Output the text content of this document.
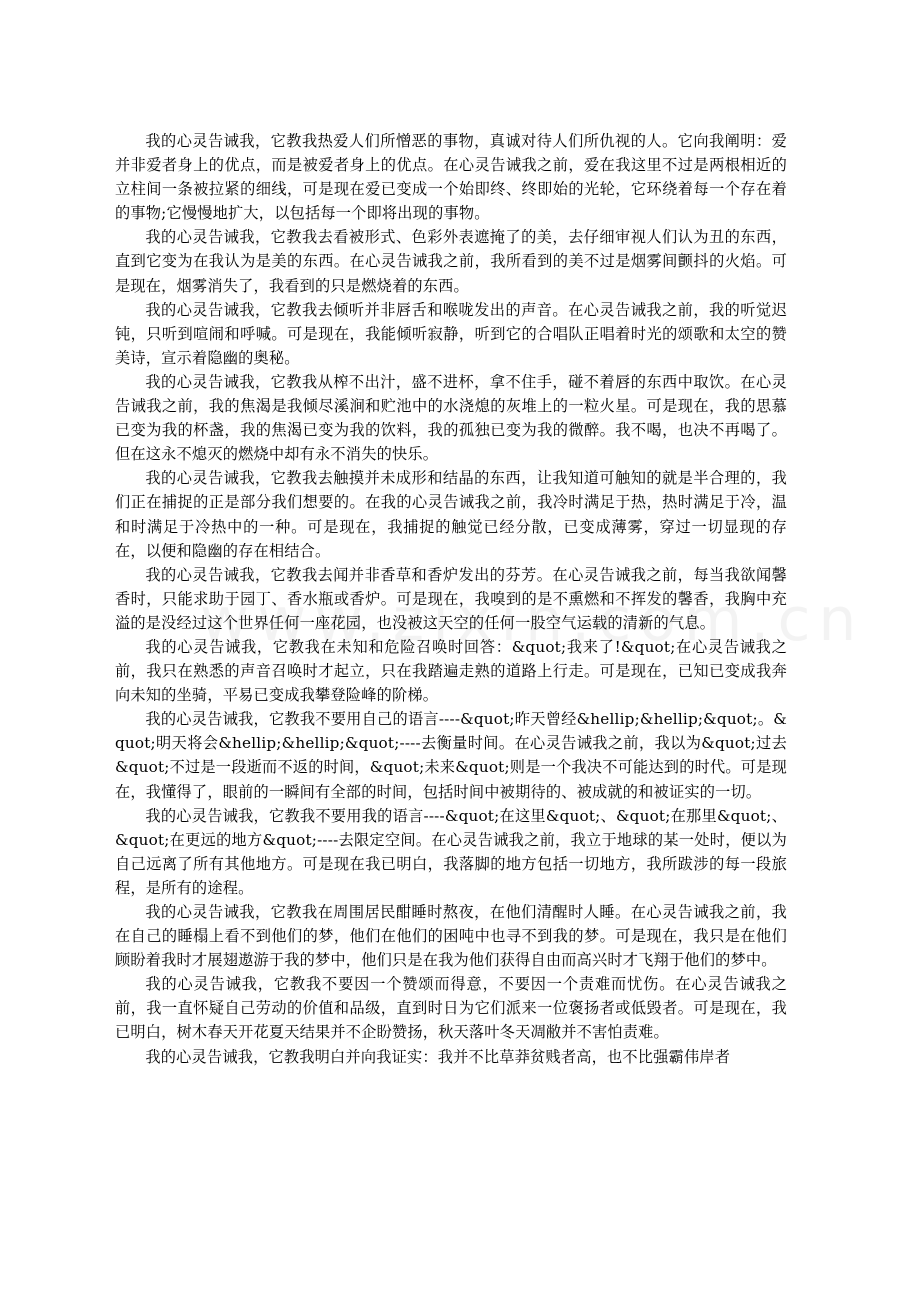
我的心灵告诫我，它教我热爱人们所憎恶的事物，真诚对待人们所仇视的人。它向我阐明：爱并非爱者身上的优点，而是被爱者身上的优点。在心灵告诫我之前，爱在我这里不过是两根相近的立柱间一条被拉紧的细线，可是现在爱已变成一个始即终、终即始的光轮，它环绕着每一个存在着的事物;它慢慢地扩大，以包括每一个即将出现的事物。

我的心灵告诫我，它教我去看被形式、色彩外表遮掩了的美，去仔细审视人们认为丑的东西，直到它变为在我认为是美的东西。在心灵告诫我之前，我所看到的美不过是烟雾间颤抖的火焰。可是现在，烟雾消失了，我看到的只是燃烧着的东西。

我的心灵告诫我，它教我去倾听并非唇舌和喉咙发出的声音。在心灵告诫我之前，我的听觉迟钝，只听到喧闹和呼喊。可是现在，我能倾听寂静，听到它的合唱队正唱着时光的颂歌和太空的赞美诗，宣示着隐幽的奥秘。

我的心灵告诫我，它教我从榨不出汁，盛不进杯，拿不住手，碰不着唇的东西中取饮。在心灵告诫我之前，我的焦渴是我倾尽溪涧和贮池中的水浇熄的灰堆上的一粒火星。可是现在，我的思慕已变为我的杯盏，我的焦渴已变为我的饮料，我的孤独已变为我的微醉。我不喝，也决不再喝了。但在这永不熄灭的燃烧中却有永不消失的快乐。

我的心灵告诫我，它教我去触摸并未成形和结晶的东西，让我知道可触知的就是半合理的，我们正在捕捉的正是部分我们想要的。在我的心灵告诫我之前，我冷时满足于热，热时满足于冷，温和时满足于冷热中的一种。可是现在，我捕捉的触觉已经分散，已变成薄雾，穿过一切显现的存在，以便和隐幽的存在相结合。

我的心灵告诫我，它教我去闻并非香草和香炉发出的芬芳。在心灵告诫我之前，每当我欲闻馨香时，只能求助于园丁、香水瓶或香炉。可是现在，我嗅到的是不熏燃和不挥发的馨香，我胸中充溢的是没经过这个世界任何一座花园，也没被这天空的任何一股空气运载的清新的气息。

我的心灵告诫我，它教我在未知和危险召唤时回答：&quot;我来了!&quot;在心灵告诫我之前，我只在熟悉的声音召唤时才起立，只在我踏遍走熟的道路上行走。可是现在，已知已变成我奔向未知的坐骑，平易已变成我攀登险峰的阶梯。

我的心灵告诫我，它教我不要用自己的语言----&quot;昨天曾经&hellip;&hellip;&quot;。&quot;明天将会&hellip;&hellip;&quot;----去衡量时间。在心灵告诫我之前，我以为&quot;过去&quot;不过是一段逝而不返的时间，&quot;未来&quot;则是一个我决不可能达到的时代。可是现在，我懂得了，眼前的一瞬间有全部的时间，包括时间中被期待的、被成就的和被证实的一切。

我的心灵告诫我，它教我不要用我的语言----&quot;在这里&quot;、&quot;在那里&quot;、&quot;在更远的地方&quot;----去限定空间。在心灵告诫我之前，我立于地球的某一处时，便以为自己远离了所有其他地方。可是现在我已明白，我落脚的地方包括一切地方，我所跋涉的每一段旅程，是所有的途程。

我的心灵告诫我，它教我在周围居民酣睡时熬夜，在他们清醒时人睡。在心灵告诫我之前，我在自己的睡榻上看不到他们的梦，他们在他们的困吨中也寻不到我的梦。可是现在，我只是在他们顾盼着我时才展翅遨游于我的梦中，他们只是在我为他们获得自由而高兴时才飞翔于他们的梦中。

我的心灵告诫我，它教我不要因一个赞颂而得意，不要因一个责难而忧伤。在心灵告诫我之前，我一直怀疑自己劳动的价值和品级，直到时日为它们派来一位褒扬者或低毁者。可是现在，我已明白，树木春天开花夏天结果并不企盼赞扬，秋天落叶冬天凋敝并不害怕责难。

我的心灵告诫我，它教我明白并向我证实：我并不比草莽贫贱者高，也不比强霸伟岸者
